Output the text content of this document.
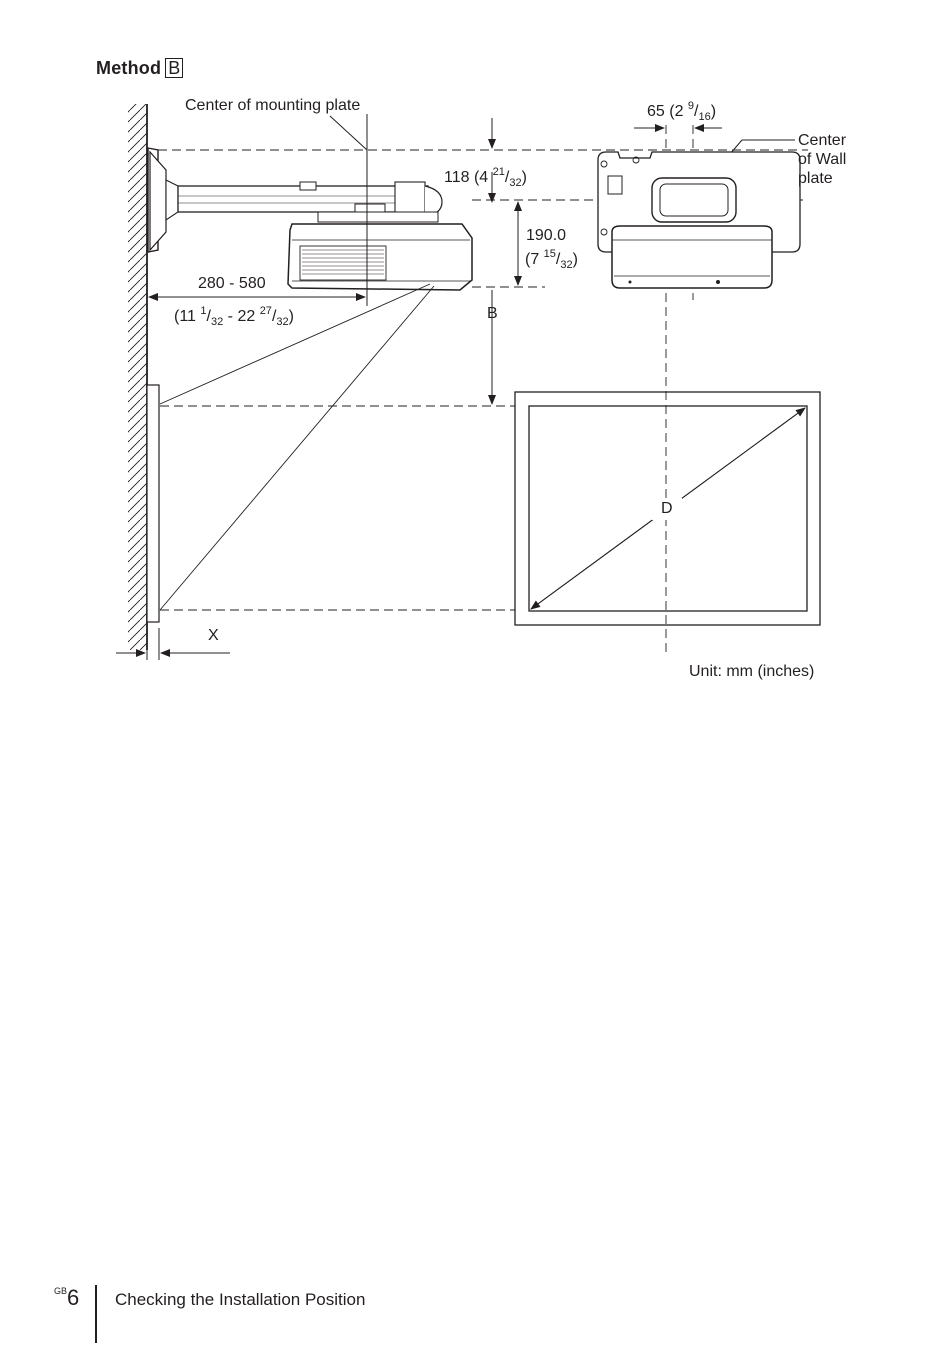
Method B
Center of mounting plate
118 (4 $^{21}/_{32}$)
190.0
(7 $^{15}/_{32}$)
280 - 580
(11 $^1/_{32} - 22$ $^{27}/_{32}$)
65 (2 $^9/_{16}$)
Center
of Wall
plate
B
D
X
Unit: mm (inches)
$^{GB}$6 Checking the Installation Position
